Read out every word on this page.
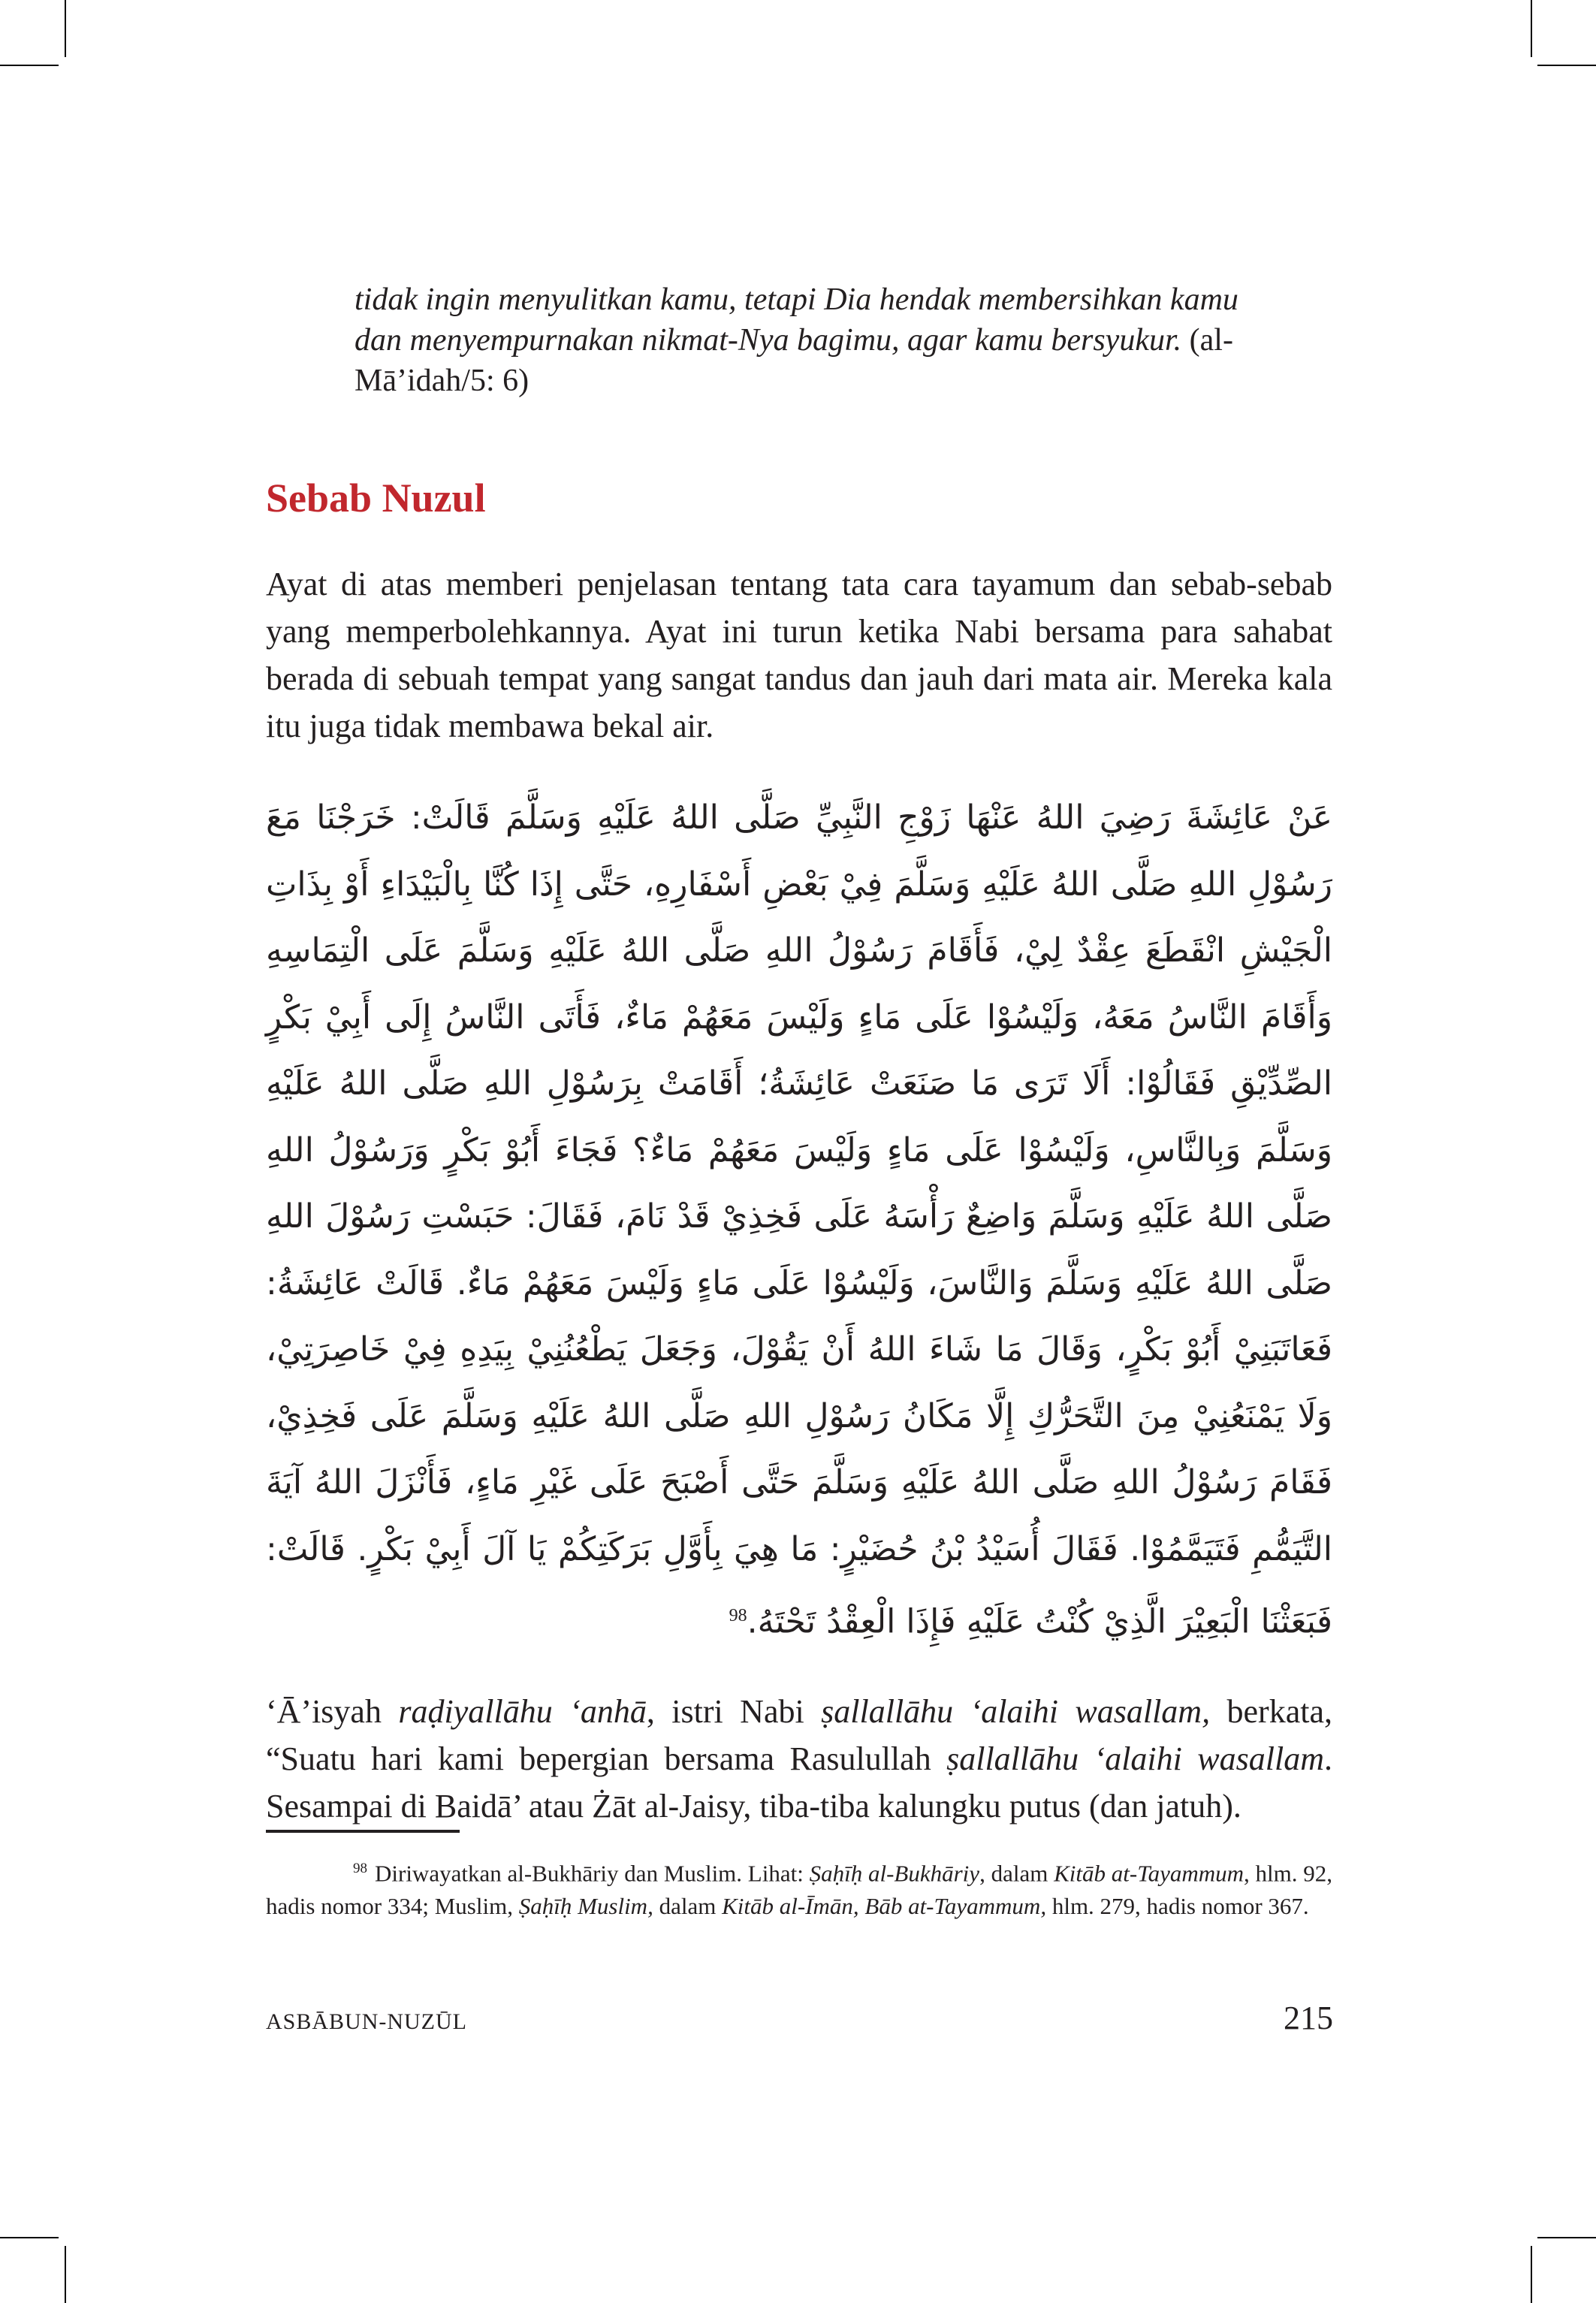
tidak ingin menyulitkan kamu, tetapi Dia hendak membersihkan kamu dan menyempurnakan nikmat-Nya bagimu, agar kamu bersyukur. (al-Mā’idah/5: 6)
Sebab Nuzul

Ayat di atas memberi penjelasan tentang tata cara tayamum dan sebab-sebab yang memperbolehkannya. Ayat ini turun ketika Nabi bersama para sahabat berada di sebuah tempat yang sangat tandus dan jauh dari mata air. Mereka kala itu juga tidak membawa bekal air.

عَنْ عَائِشَةَ رَضِيَ اللهُ عَنْهَا زَوْجِ النَّبِيِّ صَلَّى اللهُ عَلَيْهِ وَسَلَّمَ قَالَتْ: خَرَجْنَا مَعَ رَسُوْلِ اللهِ صَلَّى اللهُ عَلَيْهِ وَسَلَّمَ فِيْ بَعْضِ أَسْفَارِهِ، حَتَّى إِذَا كُنَّا بِالْبَيْدَاءِ أَوْ بِذَاتِ الْجَيْشِ انْقَطَعَ عِقْدٌ لِيْ، فَأَقَامَ رَسُوْلُ اللهِ صَلَّى اللهُ عَلَيْهِ وَسَلَّمَ عَلَى الْتِمَاسِهِ وَأَقَامَ النَّاسُ مَعَهُ، وَلَيْسُوْا عَلَى مَاءٍ وَلَيْسَ مَعَهُمْ مَاءٌ، فَأَتَى النَّاسُ إِلَى أَبِيْ بَكْرٍ الصِّدِّيْقِ فَقَالُوْا: أَلَا تَرَى مَا صَنَعَتْ عَائِشَةُ؛ أَقَامَتْ بِرَسُوْلِ اللهِ صَلَّى اللهُ عَلَيْهِ وَسَلَّمَ وَبِالنَّاسِ، وَلَيْسُوْا عَلَى مَاءٍ وَلَيْسَ مَعَهُمْ مَاءٌ؟ فَجَاءَ أَبُوْ بَكْرٍ وَرَسُوْلُ اللهِ صَلَّى اللهُ عَلَيْهِ وَسَلَّمَ وَاضِعٌ رَأْسَهُ عَلَى فَخِذِيْ قَدْ نَامَ، فَقَالَ: حَبَسْتِ رَسُوْلَ اللهِ صَلَّى اللهُ عَلَيْهِ وَسَلَّمَ وَالنَّاسَ، وَلَيْسُوْا عَلَى مَاءٍ وَلَيْسَ مَعَهُمْ مَاءٌ. قَالَتْ عَائِشَةُ: فَعَاتَبَنِيْ أَبُوْ بَكْرٍ، وَقَالَ مَا شَاءَ اللهُ أَنْ يَقُوْلَ، وَجَعَلَ يَطْعُنُنِيْ بِيَدِهِ فِيْ خَاصِرَتِيْ، وَلَا يَمْنَعُنِيْ مِنَ التَّحَرُّكِ إِلَّا مَكَانُ رَسُوْلِ اللهِ صَلَّى اللهُ عَلَيْهِ وَسَلَّمَ عَلَى فَخِذِيْ، فَقَامَ رَسُوْلُ اللهِ صَلَّى اللهُ عَلَيْهِ وَسَلَّمَ حَتَّى أَصْبَحَ عَلَى غَيْرِ مَاءٍ، فَأَنْزَلَ اللهُ آيَةَ التَّيَمُّمِ فَتَيَمَّمُوْا. فَقَالَ أُسَيْدُ بْنُ حُضَيْرٍ: مَا هِيَ بِأَوَّلِ بَرَكَتِكُمْ يَا آلَ أَبِيْ بَكْرٍ. قَالَتْ: فَبَعَثْنَا الْبَعِيْرَ الَّذِيْ كُنْتُ عَلَيْهِ فَإِذَا الْعِقْدُ تَحْتَهُ.$^{98}$

‘Ā’isyah raḍiyallāhu ‘anhā, istri Nabi ṣallallāhu ‘alaihi wasallam, berkata, “Suatu hari kami bepergian bersama Rasulullah ṣallallāhu ‘alaihi wasallam. Sesampai di Baidā’ atau Żāt al-Jaisy, tiba-tiba kalungku putus (dan jatuh).

$^{98}$ Diriwayatkan al-Bukhāriy dan Muslim. Lihat: Ṣaḥīḥ al-Bukhāriy, dalam Kitāb at-Tayammum, hlm. 92, hadis nomor 334; Muslim, Ṣaḥīḥ Muslim, dalam Kitāb al-Īmān, Bāb at-Tayammum, hlm. 279, hadis nomor 367.

ASBĀBUN-NUZŪL	215
